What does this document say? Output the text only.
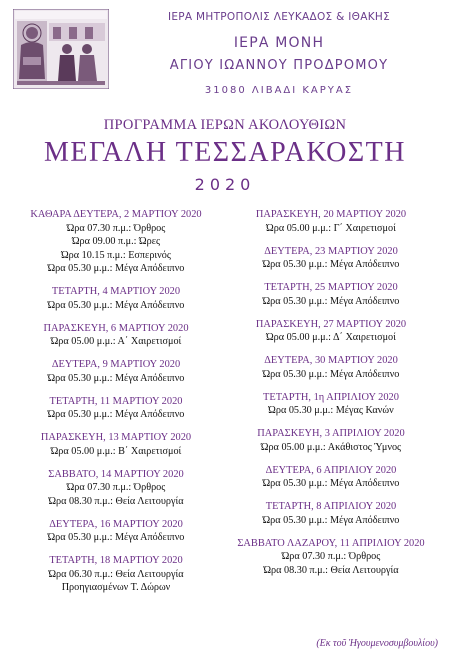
ΙΕΡΑ ΜΗΤΡΟΠΟΛΙΣ ΛΕΥΚΑΔΟΣ & ΙΘΑΚΗΣ
ΙΕΡΑ ΜΟΝΗ
ΑΓΙΟΥ ΙΩΑΝΝΟΥ ΠΡΟΔΡΟΜΟΥ
31080 ΛΙΒΑΔΙ ΚΑΡΥΑΣ
ΠΡΟΓΡΑΜΜΑ ΙΕΡΩΝ ΑΚΟΛΟΥΘΙΩΝ
ΜΕΓΑΛΗ ΤΕΣΣΑΡΑΚΟΣΤΗ
2020
ΚΑΘΑΡΑ ΔΕΥΤΕΡΑ, 2 ΜΑΡΤΙΟΥ 2020
Ώρα 07.30 π.μ.: Όρθρος
Ώρα 09.00 π.μ.: Ώρες
Ώρα 10.15 π.μ.: Εσπερινός
Ώρα 05.30 μ.μ.: Μέγα Απόδειπνο
ΤΕΤΑΡΤΗ, 4 ΜΑΡΤΙΟΥ 2020
Ώρα 05.30 μ.μ.: Μέγα Απόδειπνο
ΠΑΡΑΣΚΕΥΗ, 6 ΜΑΡΤΙΟΥ 2020
Ώρα 05.00 μ.μ.: Α΄ Χαιρετισμοί
ΔΕΥΤΕΡΑ, 9 ΜΑΡΤΙΟΥ 2020
Ώρα 05.30 μ.μ.: Μέγα Απόδειπνο
ΤΕΤΑΡΤΗ, 11 ΜΑΡΤΙΟΥ 2020
Ώρα 05.30 μ.μ.: Μέγα Απόδειπνο
ΠΑΡΑΣΚΕΥΗ, 13 ΜΑΡΤΙΟΥ 2020
Ώρα 05.00 μ.μ.: Β΄ Χαιρετισμοί
ΣΑΒΒΑΤΟ, 14 ΜΑΡΤΙΟΥ 2020
Ώρα 07.30 π.μ.: Όρθρος
Ώρα 08.30 π.μ.: Θεία Λειτουργία
ΔΕΥΤΕΡΑ, 16 ΜΑΡΤΙΟΥ 2020
Ώρα 05.30 μ.μ.: Μέγα Απόδειπνο
ΤΕΤΑΡΤΗ, 18 ΜΑΡΤΙΟΥ 2020
Ώρα 06.30 π.μ.: Θεία Λειτουργία
Προηγιασμένων Τ. Δώρων
ΠΑΡΑΣΚΕΥΗ, 20 ΜΑΡΤΙΟΥ 2020
Ώρα 05.00 μ.μ.: Γ΄ Χαιρετισμοί
ΔΕΥΤΕΡΑ, 23 ΜΑΡΤΙΟΥ 2020
Ώρα 05.30 μ.μ.: Μέγα Απόδειπνο
ΤΕΤΑΡΤΗ, 25 ΜΑΡΤΙΟΥ 2020
Ώρα 05.30 μ.μ.: Μέγα Απόδειπνο
ΠΑΡΑΣΚΕΥΗ, 27 ΜΑΡΤΙΟΥ 2020
Ώρα 05.00 μ.μ.: Δ΄ Χαιρετισμοί
ΔΕΥΤΕΡΑ, 30 ΜΑΡΤΙΟΥ 2020
Ώρα 05.30 μ.μ.: Μέγα Απόδειπνο
ΤΕΤΑΡΤΗ, 1η ΑΠΡΙΛΙΟΥ 2020
Ώρα 05.30 μ.μ.: Μέγας Κανών
ΠΑΡΑΣΚΕΥΗ, 3 ΑΠΡΙΛΙΟΥ 2020
Ώρα 05.00 μ.μ.: Ακάθιστος Ύμνος
ΔΕΥΤΕΡΑ, 6 ΑΠΡΙΛΙΟΥ 2020
Ώρα 05.30 μ.μ.: Μέγα Απόδειπνο
ΤΕΤΑΡΤΗ, 8 ΑΠΡΙΛΙΟΥ 2020
Ώρα 05.30 μ.μ.: Μέγα Απόδειπνο
ΣΑΒΒΑΤΟ ΛΑΖΑΡΟΥ, 11 ΑΠΡΙΛΙΟΥ 2020
Ώρα 07.30 π.μ.: Όρθρος
Ώρα 08.30 π.μ.: Θεία Λειτουργία
(Εκ τοῦ Ἡγουμενοσυμβουλίου)
